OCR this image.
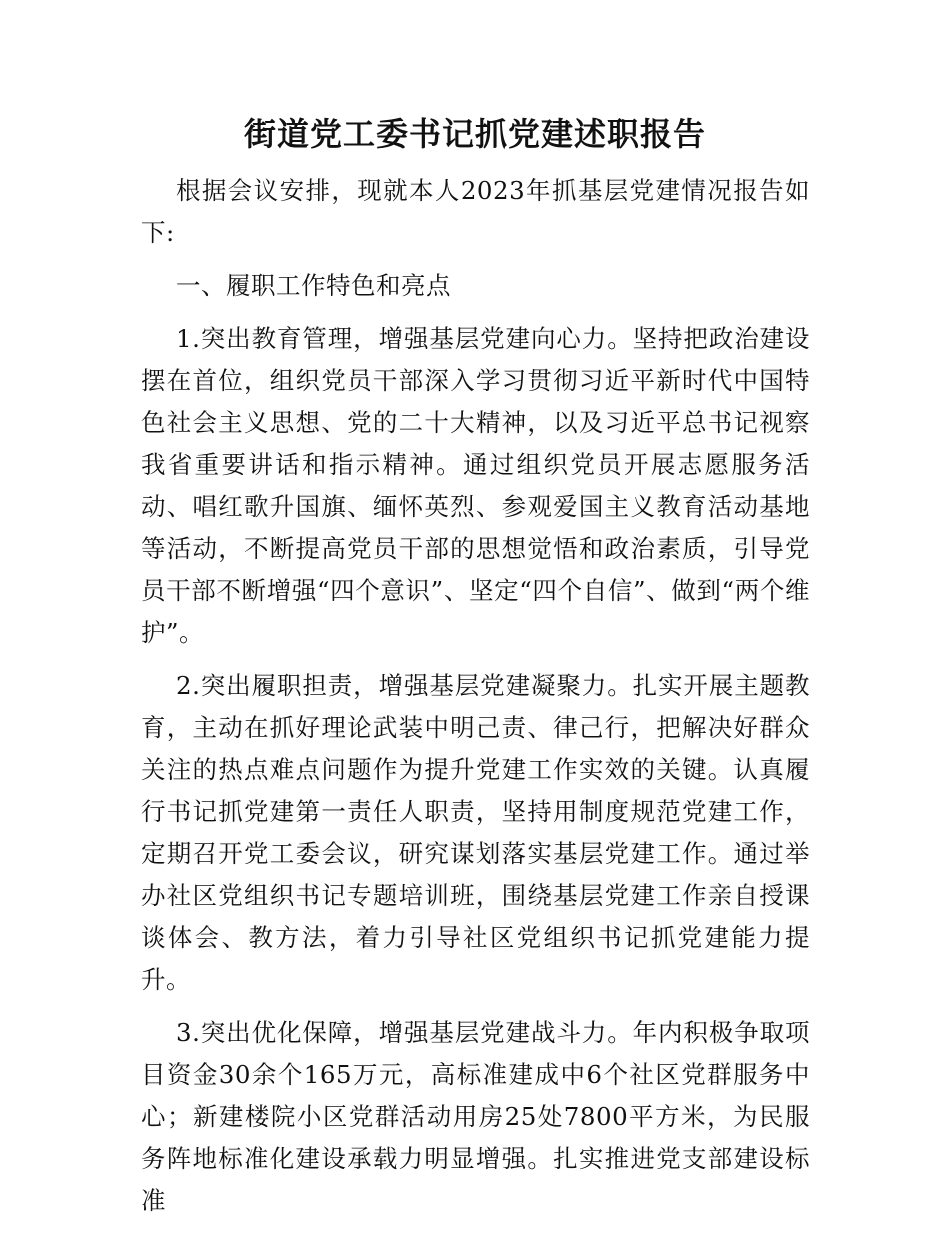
街道党工委书记抓党建述职报告

根据会议安排，现就本人2023年抓基层党建情况报告如下:

一、履职工作特色和亮点

1.突出教育管理，增强基层党建向心力。坚持把政治建设摆在首位，组织党员干部深入学习贯彻习近平新时代中国特色社会主义思想、党的二十大精神，以及习近平总书记视察我省重要讲话和指示精神。通过组织党员开展志愿服务活动、唱红歌升国旗、缅怀英烈、参观爱国主义教育活动基地等活动，不断提高党员干部的思想觉悟和政治素质，引导党员干部不断增强“四个意识”、坚定“四个自信”、做到“两个维护”。

2.突出履职担责，增强基层党建凝聚力。扎实开展主题教育，主动在抓好理论武装中明己责、律己行，把解决好群众关注的热点难点问题作为提升党建工作实效的关键。认真履行书记抓党建第一责任人职责，坚持用制度规范党建工作，定期召开党工委会议，研究谋划落实基层党建工作。通过举办社区党组织书记专题培训班，围绕基层党建工作亲自授课谈体会、教方法，着力引导社区党组织书记抓党建能力提升。

3.突出优化保障，增强基层党建战斗力。年内积极争取项目资金30余个165万元，高标准建成中6个社区党群服务中心；新建楼院小区党群活动用房25处7800平方米，为民服务阵地标准化建设承载力明显增强。扎实推进党支部建设标准
